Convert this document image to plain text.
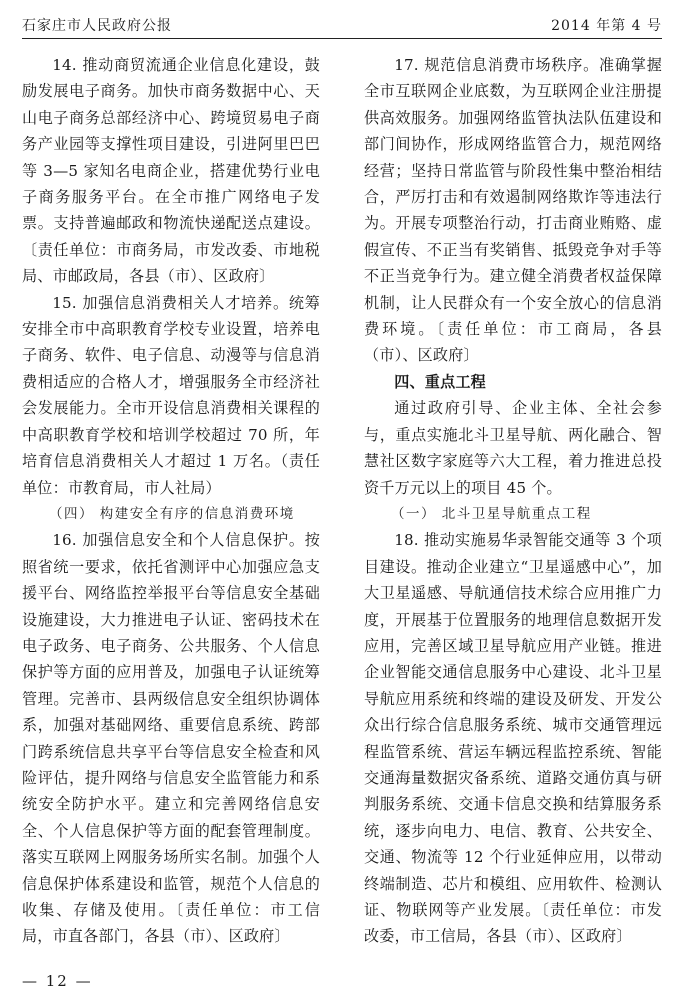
石家庄市人民政府公报	2014 年第 4 号

14. 推动商贸流通企业信息化建设，鼓励发展电子商务。加快市商务数据中心、天山电子商务总部经济中心、跨境贸易电子商务产业园等支撑性项目建设，引进阿里巴巴等 3—5 家知名电商企业，搭建优势行业电子商务服务平台。在全市推广网络电子发票。支持普遍邮政和物流快递配送点建设。〔责任单位：市商务局，市发改委、市地税局、市邮政局，各县（市）、区政府〕

15. 加强信息消费相关人才培养。统筹安排全市中高职教育学校专业设置，培养电子商务、软件、电子信息、动漫等与信息消费相适应的合格人才，增强服务全市经济社会发展能力。全市开设信息消费相关课程的中高职教育学校和培训学校超过 70 所，年培育信息消费相关人才超过 1 万名。（责任单位：市教育局，市人社局）

（四） 构建安全有序的信息消费环境

16. 加强信息安全和个人信息保护。按照省统一要求，依托省测评中心加强应急支援平台、网络监控举报平台等信息安全基础设施建设，大力推进电子认证、密码技术在电子政务、电子商务、公共服务、个人信息保护等方面的应用普及，加强电子认证统筹管理。完善市、县两级信息安全组织协调体系，加强对基础网络、重要信息系统、跨部门跨系统信息共享平台等信息安全检查和风险评估，提升网络与信息安全监管能力和系统安全防护水平。建立和完善网络信息安全、个人信息保护等方面的配套管理制度。落实互联网上网服务场所实名制。加强个人信息保护体系建设和监管，规范个人信息的收集、存储及使用。〔责任单位：市工信局，市直各部门，各县（市）、区政府〕

17. 规范信息消费市场秩序。准确掌握全市互联网企业底数，为互联网企业注册提供高效服务。加强网络监管执法队伍建设和部门间协作，形成网络监管合力，规范网络经营；坚持日常监管与阶段性集中整治相结合，严厉打击和有效遏制网络欺诈等违法行为。开展专项整治行动，打击商业贿赂、虚假宣传、不正当有奖销售、抵毁竞争对手等不正当竞争行为。建立健全消费者权益保障机制，让人民群众有一个安全放心的信息消费环境。〔责任单位：市工商局，各县（市）、区政府〕

四、重点工程

通过政府引导、企业主体、全社会参与，重点实施北斗卫星导航、两化融合、智慧社区数字家庭等六大工程，着力推进总投资千万元以上的项目 45 个。

（一） 北斗卫星导航重点工程

18. 推动实施易华录智能交通等 3 个项目建设。推动企业建立“卫星遥感中心”，加大卫星遥感、导航通信技术综合应用推广力度，开展基于位置服务的地理信息数据开发应用，完善区域卫星导航应用产业链。推进企业智能交通信息服务中心建设、北斗卫星导航应用系统和终端的建设及研发、开发公众出行综合信息服务系统、城市交通管理远程监管系统、营运车辆远程监控系统、智能交通海量数据灾备系统、道路交通仿真与研判服务系统、交通卡信息交换和结算服务系统，逐步向电力、电信、教育、公共安全、交通、物流等 12 个行业延伸应用，以带动终端制造、芯片和模组、应用软件、检测认证、物联网等产业发展。〔责任单位：市发改委，市工信局，各县（市）、区政府〕

— 12 —
